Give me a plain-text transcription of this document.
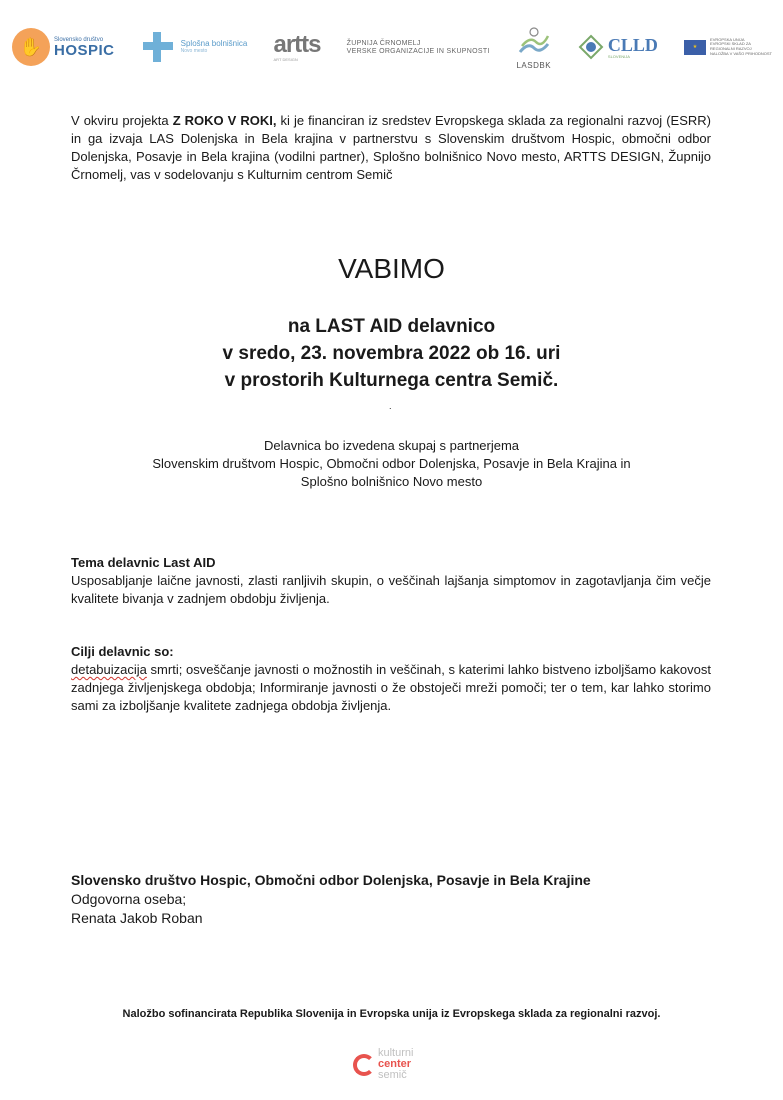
✋	Slovensko društvo
HOSPIC	Splošna bolnišnica
Novo mesto	artts
ART DESIGN
ŽUPNIJA ČRNOMELJ
VERSKE ORGANIZACIJE IN SKUPNOSTI
LASDBK
CLLD
SLOVENIJA
★
EVROPSKA UNIJA
EVROPSKI SKLAD ZA
REGIONALNI RAZVOJ
NALOŽBA V VAŠO PRIHODNOST

V okviru projekta Z ROKO V ROKI, ki je financiran iz sredstev Evropskega sklada za regionalni razvoj (ESRR) in ga izvaja LAS Dolenjska in Bela krajina v partnerstvu s Slovenskim društvom Hospic, območni odbor Dolenjska, Posavje in Bela krajina (vodilni partner), Splošno bolnišnico Novo mesto, ARTTS DESIGN, Župnijo Črnomelj, vas v sodelovanju s Kulturnim centrom Semič

VABIMO
na LAST AID delavnico
v sredo, 23. novembra 2022 ob 16. uri
v prostorih Kulturnega centra Semič.
.
Delavnica bo izvedena skupaj s partnerjema
Slovenskim društvom Hospic, Območni odbor Dolenjska, Posavje in Bela Krajina in
Splošno bolnišnico Novo mesto
Tema delavnic Last AID
Usposabljanje laične javnosti, zlasti ranljivih skupin, o veščinah lajšanja simptomov in zagotavljanja čim večje kvalitete bivanja v zadnjem obdobju življenja.
Cilji delavnic so:
detabuizacija smrti; osveščanje javnosti o možnostih in veščinah, s katerimi lahko bistveno izboljšamo kakovost zadnjega življenjskega obdobja; Informiranje javnosti o že obstoječi mreži pomoči; ter o tem, kar lahko storimo sami za izboljšanje kvalitete zadnjega obdobja življenja.
Slovensko društvo Hospic, Območni odbor Dolenjska, Posavje in Bela Krajine
Odgovorna oseba;
Renata Jakob Roban
Naložbo sofinancirata Republika Slovenija in Evropska unija iz Evropskega sklada za regionalni razvoj.
kulturni
center
semič
